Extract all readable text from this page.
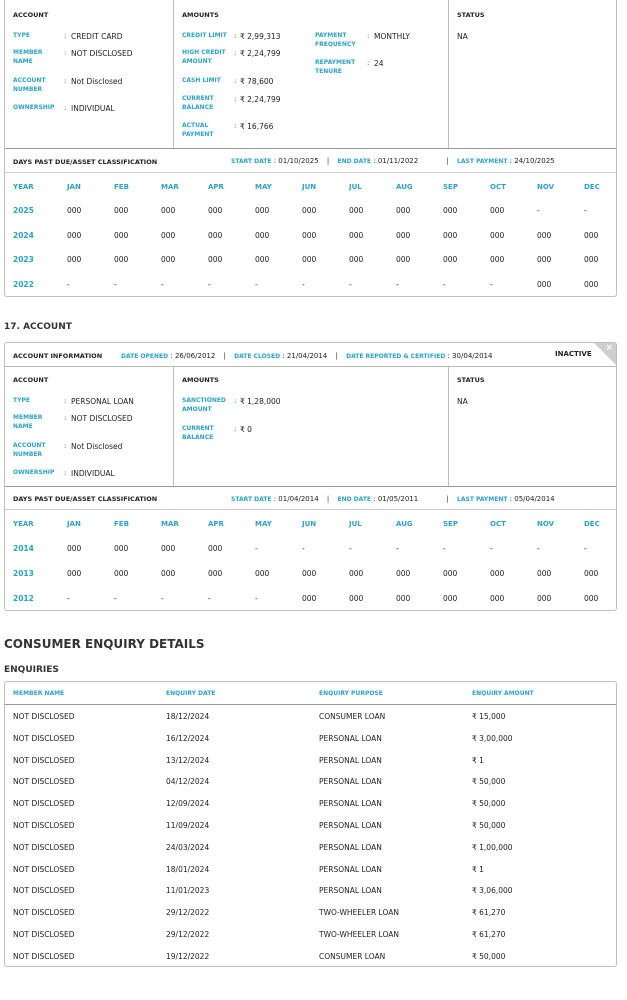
ACCOUNT	AMOUNTS	STATUS
TYPE	: CREDIT CARD
MEMBER NAME
: NOT DISCLOSED
ACCOUNT NUMBER
: Not Disclosed
OWNERSHIP	: INDIVIDUAL
CREDIT LIMIT	: ₹ 2,99,313
HIGH CREDIT AMOUNT
: ₹ 2,24,799
CASH LIMIT	: ₹ 78,600
CURRENT BALANCE
: ₹ 2,24,799
ACTUAL PAYMENT
: ₹ 16,766
PAYMENT FREQUENCY
: MONTHLY
REPAYMENT TENURE
: 24
NA
DAYS PAST DUE/ASSET CLASSIFICATION	START DATE : 01/10/2025 | END DATE : 01/11/2022	| LAST PAYMENT : 24/10/2025
YEAR	JAN	FEB	MAR	APR	MAY	JUN	JUL	AUG	SEP	OCT	NOV	DEC
2025	000	000	000	000	000	000	000	000	000	000	-	-
2024	000	000	000	000	000	000	000	000	000	000	000	000
2023	000	000	000	000	000	000	000	000	000	000	000	000
2022	-	-	-	-	-	-	-	-	-	-	000	000
17. ACCOUNT
ACCOUNT INFORMATION	DATE OPENED : 26/06/2012 | DATE CLOSED : 21/04/2014 | DATE REPORTED & CERTIFIED : 30/04/2014	INACTIVE
×
ACCOUNT	AMOUNTS	STATUS
TYPE	: PERSONAL LOAN
MEMBER NAME
: NOT DISCLOSED
ACCOUNT NUMBER
: Not Disclosed
OWNERSHIP	: INDIVIDUAL
SANCTIONED AMOUNT
: ₹ 1,28,000
CURRENT BALANCE
: ₹ 0
NA
DAYS PAST DUE/ASSET CLASSIFICATION	START DATE : 01/04/2014 | END DATE : 01/05/2011	| LAST PAYMENT : 05/04/2014
YEAR	JAN	FEB	MAR	APR	MAY	JUN	JUL	AUG	SEP	OCT	NOV	DEC
2014	000	000	000	000	-	-	-	-	-	-	-	-
2013	000	000	000	000	000	000	000	000	000	000	000	000
2012	-	-	-	-	-	000	000	000	000	000	000	000
CONSUMER ENQUIRY DETAILS
ENQUIRIES
MEMBER NAME	ENQUIRY DATE	ENQUIRY PURPOSE	ENQUIRY AMOUNT
NOT DISCLOSED	18/12/2024	CONSUMER LOAN	₹ 15,000
NOT DISCLOSED	16/12/2024	PERSONAL LOAN	₹ 3,00,000
NOT DISCLOSED	13/12/2024	PERSONAL LOAN	₹ 1
NOT DISCLOSED	04/12/2024	PERSONAL LOAN	₹ 50,000
NOT DISCLOSED	12/09/2024	PERSONAL LOAN	₹ 50,000
NOT DISCLOSED	11/09/2024	PERSONAL LOAN	₹ 50,000
NOT DISCLOSED	24/03/2024	PERSONAL LOAN	₹ 1,00,000
NOT DISCLOSED	18/01/2024	PERSONAL LOAN	₹ 1
NOT DISCLOSED	11/01/2023	PERSONAL LOAN	₹ 3,06,000
NOT DISCLOSED	29/12/2022	TWO-WHEELER LOAN	₹ 61,270
NOT DISCLOSED	29/12/2022	TWO-WHEELER LOAN	₹ 61,270
NOT DISCLOSED	19/12/2022	CONSUMER LOAN	₹ 50,000
